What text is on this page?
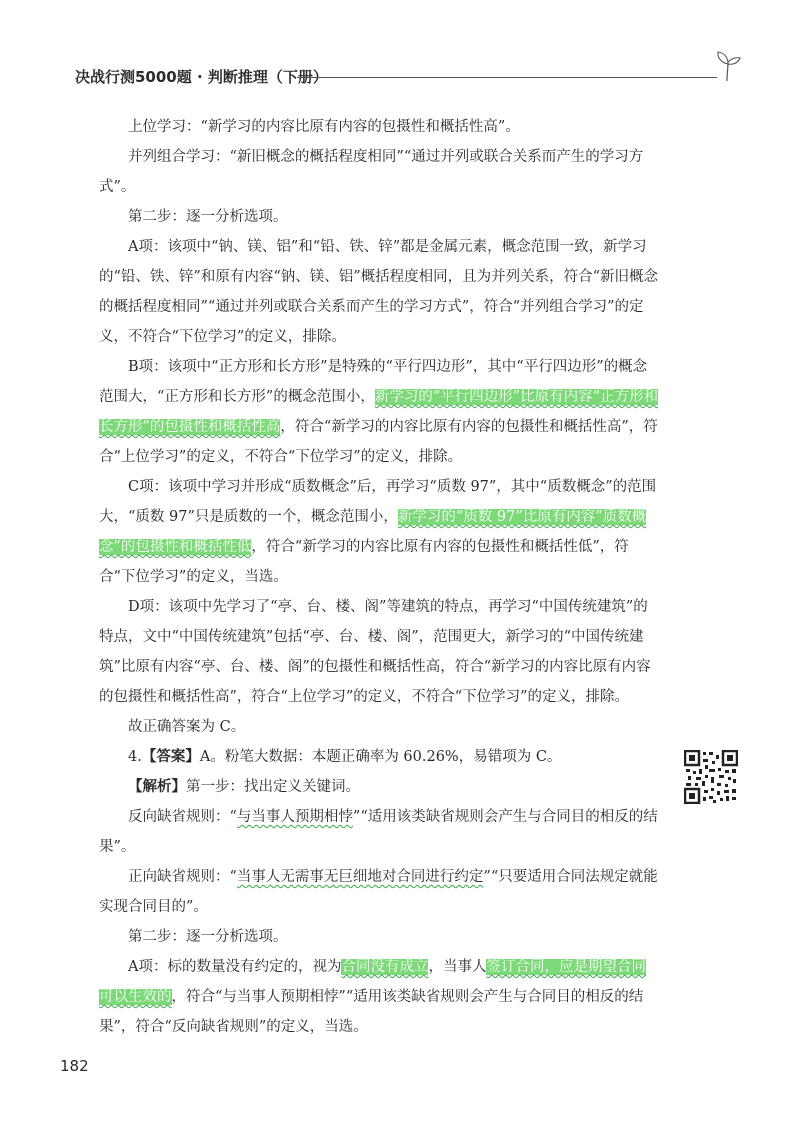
决战行测5000题 · 判断推理（下册）

上位学习：“新学习的内容比原有内容的包摄性和概括性高”。

并列组合学习：“新旧概念的概括程度相同”“通过并列或联合关系而产生的学习方式”。

第二步：逐一分析选项。

A项：该项中“钠、镁、铝”和“铅、铁、锌”都是金属元素，概念范围一致，新学习的“铅、铁、锌”和原有内容“钠、镁、铝”概括程度相同，且为并列关系，符合“新旧概念的概括程度相同”“通过并列或联合关系而产生的学习方式”，符合“并列组合学习”的定义，不符合“下位学习”的定义，排除。

B项：该项中“正方形和长方形”是特殊的“平行四边形”，其中“平行四边形”的概念范围大，“正方形和长方形”的概念范围小，新学习的“平行四边形”比原有内容“正方形和长方形”的包摄性和概括性高，符合“新学习的内容比原有内容的包摄性和概括性高”，符合“上位学习”的定义，不符合“下位学习”的定义，排除。

C项：该项中学习并形成“质数概念”后，再学习“质数 97”，其中“质数概念”的范围大，“质数 97”只是质数的一个，概念范围小，新学习的“质数 97”比原有内容“质数概念”的包摄性和概括性低，符合“新学习的内容比原有内容的包摄性和概括性低”，符合“下位学习”的定义，当选。

D项：该项中先学习了“亭、台、楼、阁”等建筑的特点，再学习“中国传统建筑”的特点，文中“中国传统建筑”包括“亭、台、楼、阁”，范围更大，新学习的“中国传统建筑”比原有内容“亭、台、楼、阁”的包摄性和概括性高，符合“新学习的内容比原有内容的包摄性和概括性高”，符合“上位学习”的定义，不符合“下位学习”的定义，排除。

故正确答案为 C。

4.【答案】A。粉笔大数据：本题正确率为 60.26%，易错项为 C。

【解析】第一步：找出定义关键词。

反向缺省规则：“与当事人预期相悖”“适用该类缺省规则会产生与合同目的相反的结果”。

正向缺省规则：“当事人无需事无巨细地对合同进行约定”“只要适用合同法规定就能实现合同目的”。

第二步：逐一分析选项。

A项：标的数量没有约定的，视为合同没有成立，当事人签订合同，应是期望合同可以生效的，符合“与当事人预期相悖”“适用该类缺省规则会产生与合同目的相反的结果”，符合“反向缺省规则”的定义，当选。

182
